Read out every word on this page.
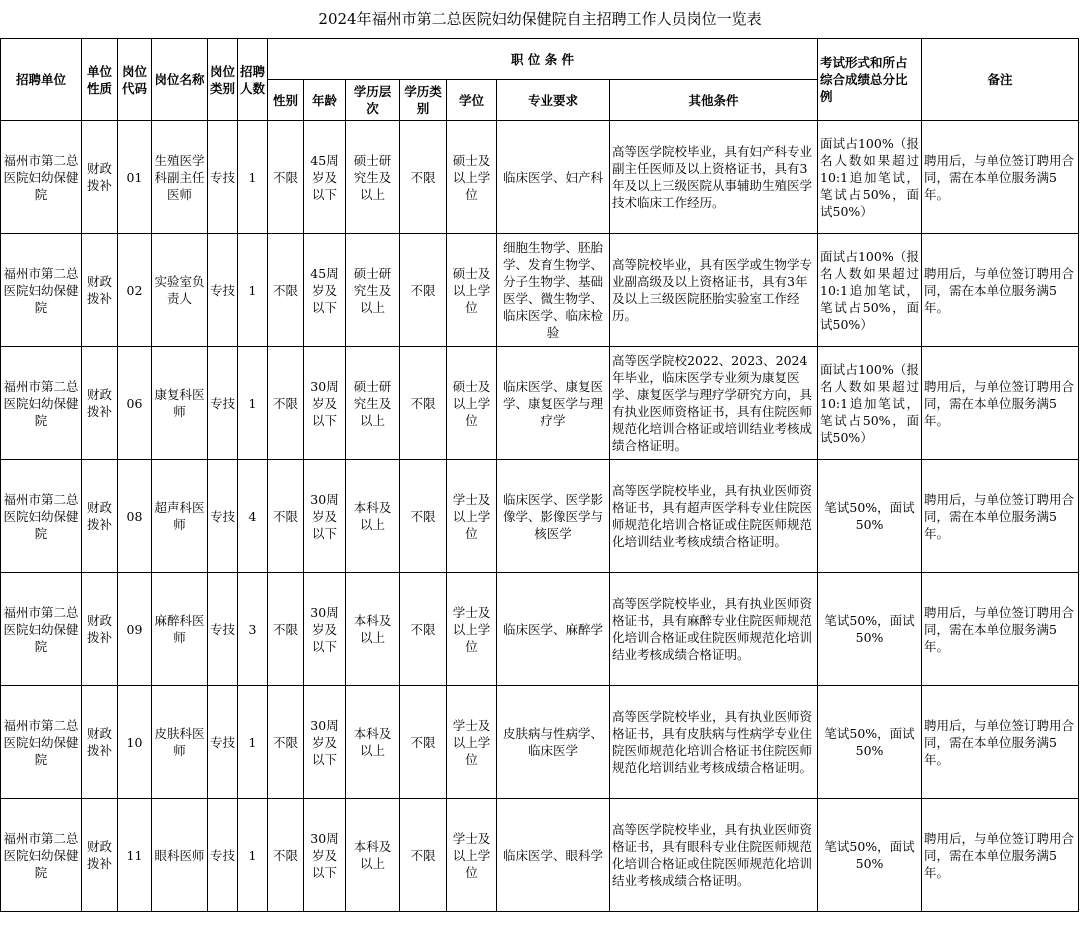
2024年福州市第二总医院妇幼保健院自主招聘工作人员岗位一览表
招聘单位	单位性质	岗位代码	岗位名称	岗位类别	招聘人数	职 位 条 件							考试形式和所占综合成绩总分比例	备注
						性别	年龄	学历层次	学历类别	学位	专业要求	其他条件		
福州市第二总医院妇幼保健院	财政拨补	01	生殖医学科副主任医师	专技	1	不限	45周岁及以下	硕士研究生及以上	不限	硕士及以上学位	临床医学、妇产科	高等医学院校毕业，具有妇产科专业副主任医师及以上资格证书，具有3年及以上三级医院从事辅助生殖医学技术临床工作经历。	面试占100%（报名人数如果超过10:1追加笔试，笔试占50%，面试50%）	聘用后，与单位签订聘用合同，需在本单位服务满5年。
福州市第二总医院妇幼保健院	财政拨补	02	实验室负责人	专技	1	不限	45周岁及以下	硕士研究生及以上	不限	硕士及以上学位	细胞生物学、胚胎学、发育生物学、分子生物学、基础医学、微生物学、临床医学、临床检验	高等院校毕业，具有医学或生物学专业副高级及以上资格证书，具有3年及以上三级医院胚胎实验室工作经历。	面试占100%（报名人数如果超过10:1追加笔试，笔试占50%，面试50%）	聘用后，与单位签订聘用合同，需在本单位服务满5年。
福州市第二总医院妇幼保健院	财政拨补	06	康复科医师	专技	1	不限	30周岁及以下	硕士研究生及以上	不限	硕士及以上学位	临床医学、康复医学、康复医学与理疗学	高等医学院校2022、2023、2024年毕业，临床医学专业须为康复医学、康复医学与理疗学研究方向，具有执业医师资格证书，具有住院医师规范化培训合格证或培训结业考核成绩合格证明。	面试占100%（报名人数如果超过10:1追加笔试，笔试占50%，面试50%）	聘用后，与单位签订聘用合同，需在本单位服务满5年。
福州市第二总医院妇幼保健院	财政拨补	08	超声科医师	专技	4	不限	30周岁及以下	本科及以上	不限	学士及以上学位	临床医学、医学影像学、影像医学与核医学	高等医学院校毕业，具有执业医师资格证书，具有超声医学科专业住院医师规范化培训合格证或住院医师规范化培训结业考核成绩合格证明。	笔试50%，面试50%	聘用后，与单位签订聘用合同，需在本单位服务满5年。
福州市第二总医院妇幼保健院	财政拨补	09	麻醉科医师	专技	3	不限	30周岁及以下	本科及以上	不限	学士及以上学位	临床医学、麻醉学	高等医学院校毕业，具有执业医师资格证书，具有麻醉专业住院医师规范化培训合格证或住院医师规范化培训结业考核成绩合格证明。	笔试50%，面试50%	聘用后，与单位签订聘用合同，需在本单位服务满5年。
福州市第二总医院妇幼保健院	财政拨补	10	皮肤科医师	专技	1	不限	30周岁及以下	本科及以上	不限	学士及以上学位	皮肤病与性病学、临床医学	高等医学院校毕业，具有执业医师资格证书，具有皮肤病与性病学专业住院医师规范化培训合格证书住院医师规范化培训结业考核成绩合格证明。	笔试50%，面试50%	聘用后，与单位签订聘用合同，需在本单位服务满5年。
福州市第二总医院妇幼保健院	财政拨补	11	眼科医师	专技	1	不限	30周岁及以下	本科及以上	不限	学士及以上学位	临床医学、眼科学	高等医学院校毕业，具有执业医师资格证书，具有眼科专业住院医师规范化培训合格证或住院医师规范化培训结业考核成绩合格证明。	笔试50%，面试50%	聘用后，与单位签订聘用合同，需在本单位服务满5年。
